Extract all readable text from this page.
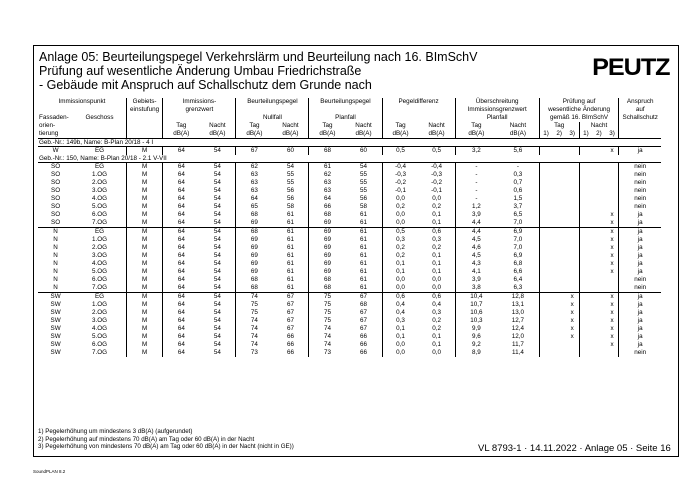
Anlage 05: Beurteilungspegel Verkehrslärm und Beurteilung nach 16. BImSchV
Prüfung auf wesentliche Änderung Umbau Friedrichstraße
- Gebäude mit Anspruch auf Schallschutz dem Grunde nach
PEUTZ
Immissionspunkt		Gebiets-	Immissions-		Beurteilungspegel		Beurteilungspegel		Pegeldifferenz		Überschreitung		Prüfung auf						Anspruch
		einstufung	grenzwert								Immissionsgrenzwert		wesentliche Änderung						auf
Fassaden-	Geschoss				Nullfall		Planfall				Planfall		gemäß 16. BImSchV						Schallschutz
orien-			Tag	Nacht	Tag	Nacht	Tag	Nacht	Tag	Nacht	Tag	Nacht	Tag			Nacht			
tierung			dB(A)	dB(A)	dB(A)	dB(A)	dB(A)	dB(A)	dB(A)	dB(A)	dB(A)	dB(A)	1)	2)	3)	1)	2)	3)	
Geb.-Nr.: 149b, Name: B-Plan 20/18 - 4 I																			
W	EG	M	64	54	67	60	68	60	0,5	0,5	3,2	5,6						x	ja
Geb.-Nr.: 150, Name: B-Plan 20/18 - 2.1 V-VII																			
SO	EG	M	64	54	62	54	61	54	-0,4	-0,4	-	-							nein
SO	1.OG	M	64	54	63	55	62	55	-0,3	-0,3	-	0,3							nein
SO	2.OG	M	64	54	63	55	63	55	-0,2	-0,2	-	0,7							nein
SO	3.OG	M	64	54	63	56	63	55	-0,1	-0,1	-	0,6							nein
SO	4.OG	M	64	54	64	56	64	56	0,0	0,0	-	1,5							nein
SO	5.OG	M	64	54	65	58	66	58	0,2	0,2	1,2	3,7							nein
SO	6.OG	M	64	54	68	61	68	61	0,0	0,1	3,9	6,5						x	ja
SO	7.OG	M	64	54	69	61	69	61	0,0	0,1	4,4	7,0						x	ja
N	EG	M	64	54	68	61	69	61	0,5	0,6	4,4	6,9						x	ja
N	1.OG	M	64	54	69	61	69	61	0,3	0,3	4,5	7,0						x	ja
N	2.OG	M	64	54	69	61	69	61	0,2	0,2	4,6	7,0						x	ja
N	3.OG	M	64	54	69	61	69	61	0,2	0,1	4,5	6,9						x	ja
N	4.OG	M	64	54	69	61	69	61	0,1	0,1	4,3	6,8						x	ja
N	5.OG	M	64	54	69	61	69	61	0,1	0,1	4,1	6,6						x	ja
N	6.OG	M	64	54	68	61	68	61	0,0	0,0	3,9	6,4							nein
N	7.OG	M	64	54	68	61	68	61	0,0	0,0	3,8	6,3							nein
SW	EG	M	64	54	74	67	75	67	0,6	0,6	10,4	12,8			x			x	ja
SW	1.OG	M	64	54	75	67	75	68	0,4	0,4	10,7	13,1			x			x	ja
SW	2.OG	M	64	54	75	67	75	67	0,4	0,3	10,6	13,0			x			x	ja
SW	3.OG	M	64	54	74	67	75	67	0,3	0,2	10,3	12,7			x			x	ja
SW	4.OG	M	64	54	74	67	74	67	0,1	0,2	9,9	12,4			x			x	ja
SW	5.OG	M	64	54	74	66	74	66	0,1	0,1	9,6	12,0			x			x	ja
SW	6.OG	M	64	54	74	66	74	66	0,0	0,1	9,2	11,7						x	ja
SW	7.OG	M	64	54	73	66	73	66	0,0	0,0	8,9	11,4							nein
1) Pegelerhöhung um mindestens 3 dB(A) (aufgerundet)
2) Pegelerhöhung auf mindestens 70 dB(A) am Tag oder 60 dB(A) in der Nacht
3) Pegelerhöhung von mindestens 70 dB(A) am Tag oder 60 dB(A) in der Nacht (nicht in GE))	VL 8793-1 · 14.11.2022 · Anlage 05 · Seite 16
SoundPLAN 8.2
